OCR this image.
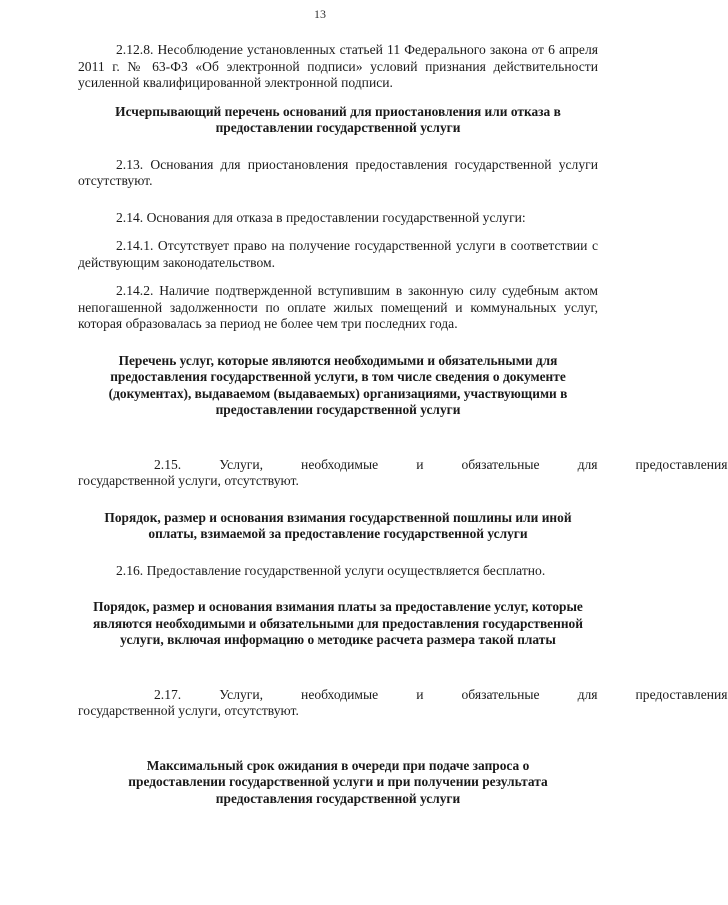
13

2.12.8. Несоблюдение установленных статьей 11 Федерального закона от 6 апреля 2011 г. № 63-ФЗ «Об электронной подписи» условий признания действительности усиленной квалифицированной электронной подписи.

Исчерпывающий перечень оснований для приостановления или отказа в предоставлении государственной услуги

2.13. Основания для приостановления предоставления государственной услуги отсутствуют.

2.14. Основания для отказа в предоставлении государственной услуги:

2.14.1. Отсутствует право на получение государственной услуги в соответствии с действующим законодательством.

2.14.2. Наличие подтвержденной вступившим в законную силу судебным актом непогашенной задолженности по оплате жилых помещений и коммунальных услуг, которая образовалась за период не более чем три последних года.

Перечень услуг, которые являются необходимыми и обязательными для предоставления государственной услуги, в том числе сведения о документе (документах), выдаваемом (выдаваемых) организациями, участвующими в предоставлении государственной услуги

2.15.	Услуги,	необходимые	и	обязательные	для	предоставления
государственной услуги, отсутствуют.

Порядок, размер и основания взимания государственной пошлины или иной оплаты, взимаемой за предоставление государственной услуги

2.16. Предоставление государственной услуги осуществляется бесплатно.

Порядок, размер и основания взимания платы за предоставление услуг, которые являются необходимыми и обязательными для предоставления государственной услуги, включая информацию о методике расчета размера такой платы

2.17.	Услуги,	необходимые	и	обязательные	для	предоставления
государственной услуги, отсутствуют.

Максимальный срок ожидания в очереди при подаче запроса о предоставлении государственной услуги и при получении результата предоставления государственной услуги
